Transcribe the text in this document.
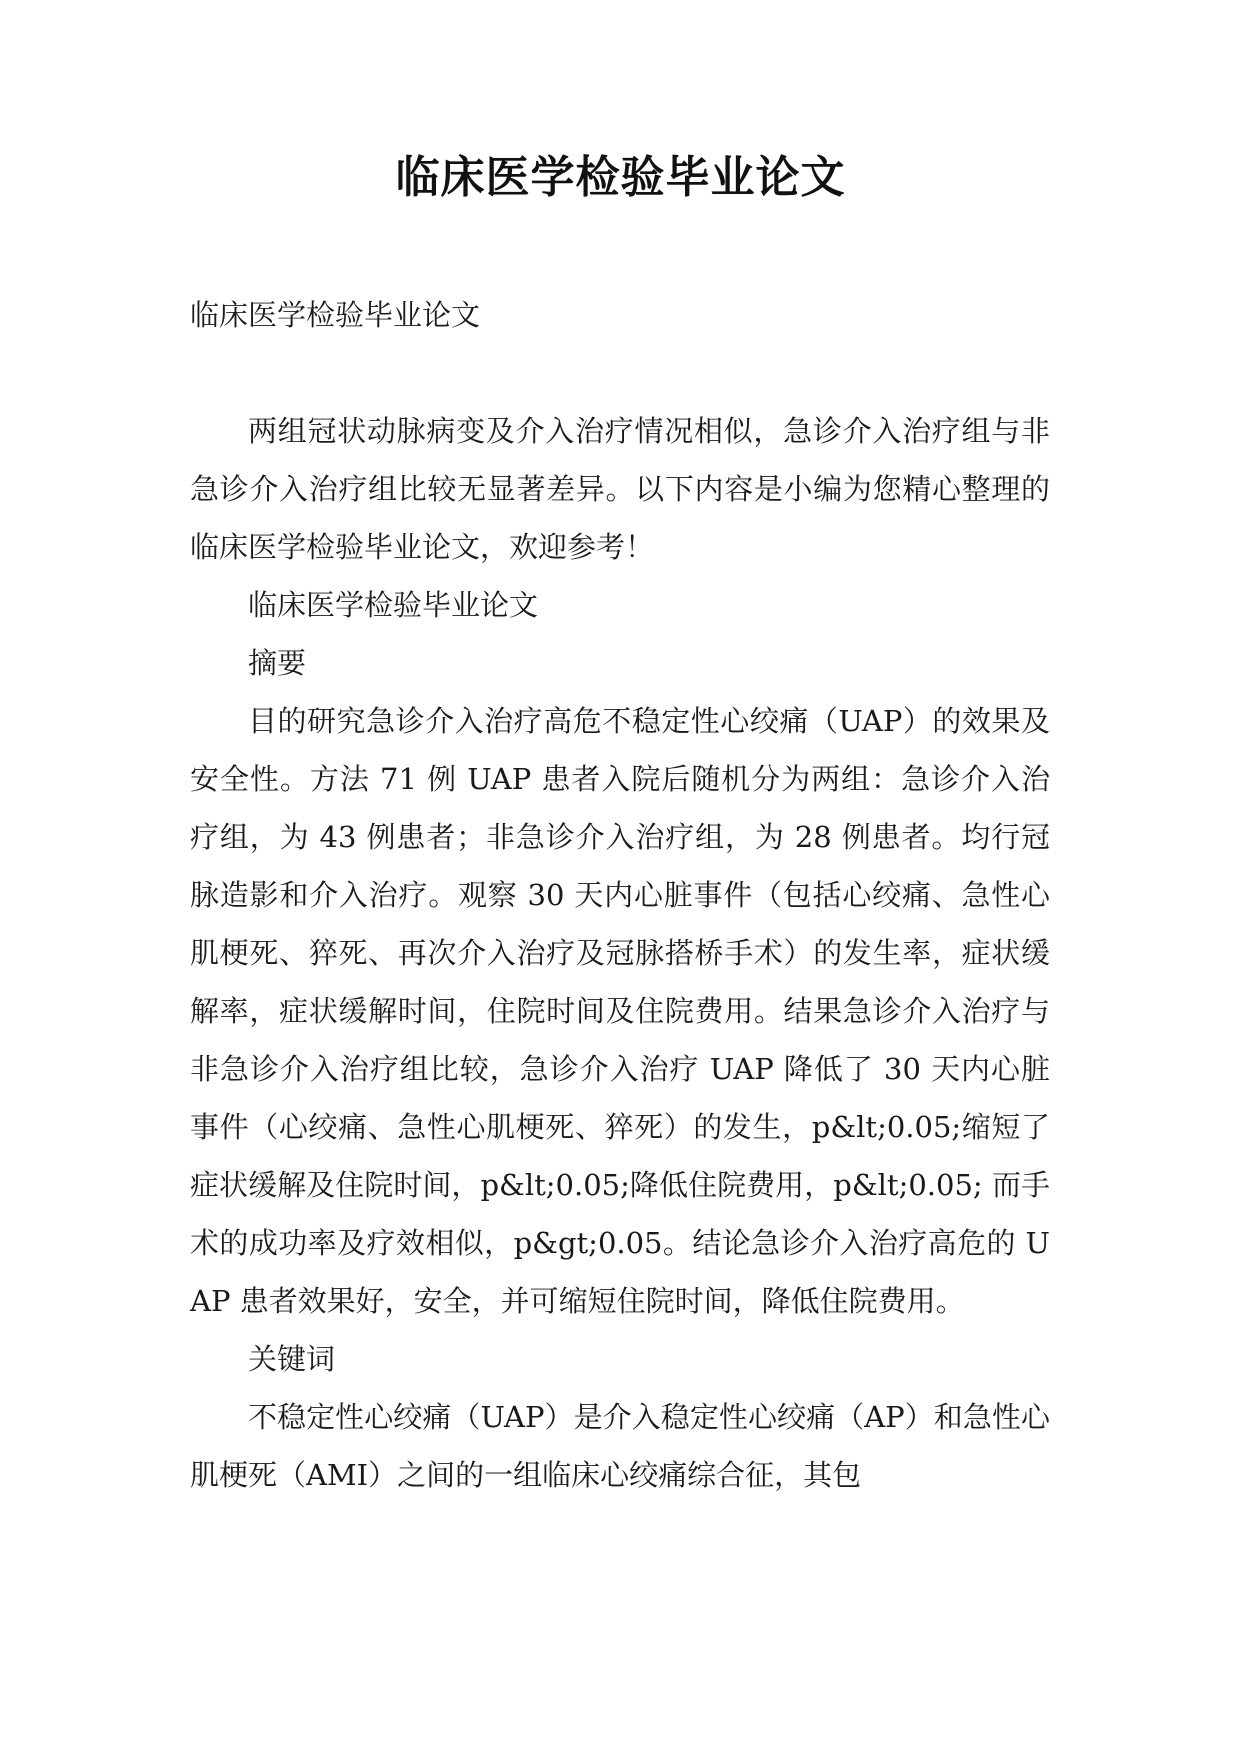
临床医学检验毕业论文

临床医学检验毕业论文

两组冠状动脉病变及介入治疗情况相似，急诊介入治疗组与非急诊介入治疗组比较无显著差异。以下内容是小编为您精心整理的临床医学检验毕业论文，欢迎参考！

临床医学检验毕业论文

摘要

目的研究急诊介入治疗高危不稳定性心绞痛（UAP）的效果及安全性。方法 71 例 UAP 患者入院后随机分为两组：急诊介入治疗组，为 43 例患者；非急诊介入治疗组，为 28 例患者。均行冠脉造影和介入治疗。观察 30 天内心脏事件（包括心绞痛、急性心肌梗死、猝死、再次介入治疗及冠脉搭桥手术）的发生率，症状缓解率，症状缓解时间，住院时间及住院费用。结果急诊介入治疗与非急诊介入治疗组比较，急诊介入治疗 UAP 降低了 30 天内心脏事件（心绞痛、急性心肌梗死、猝死）的发生，p&lt;0.05;缩短了症状缓解及住院时间，p&lt;0.05;降低住院费用，p&lt;0.05; 而手术的成功率及疗效相似，p&gt;0.05。结论急诊介入治疗高危的 UAP 患者效果好，安全，并可缩短住院时间，降低住院费用。

关键词

不稳定性心绞痛（UAP）是介入稳定性心绞痛（AP）和急性心肌梗死（AMI）之间的一组临床心绞痛综合征，其包
